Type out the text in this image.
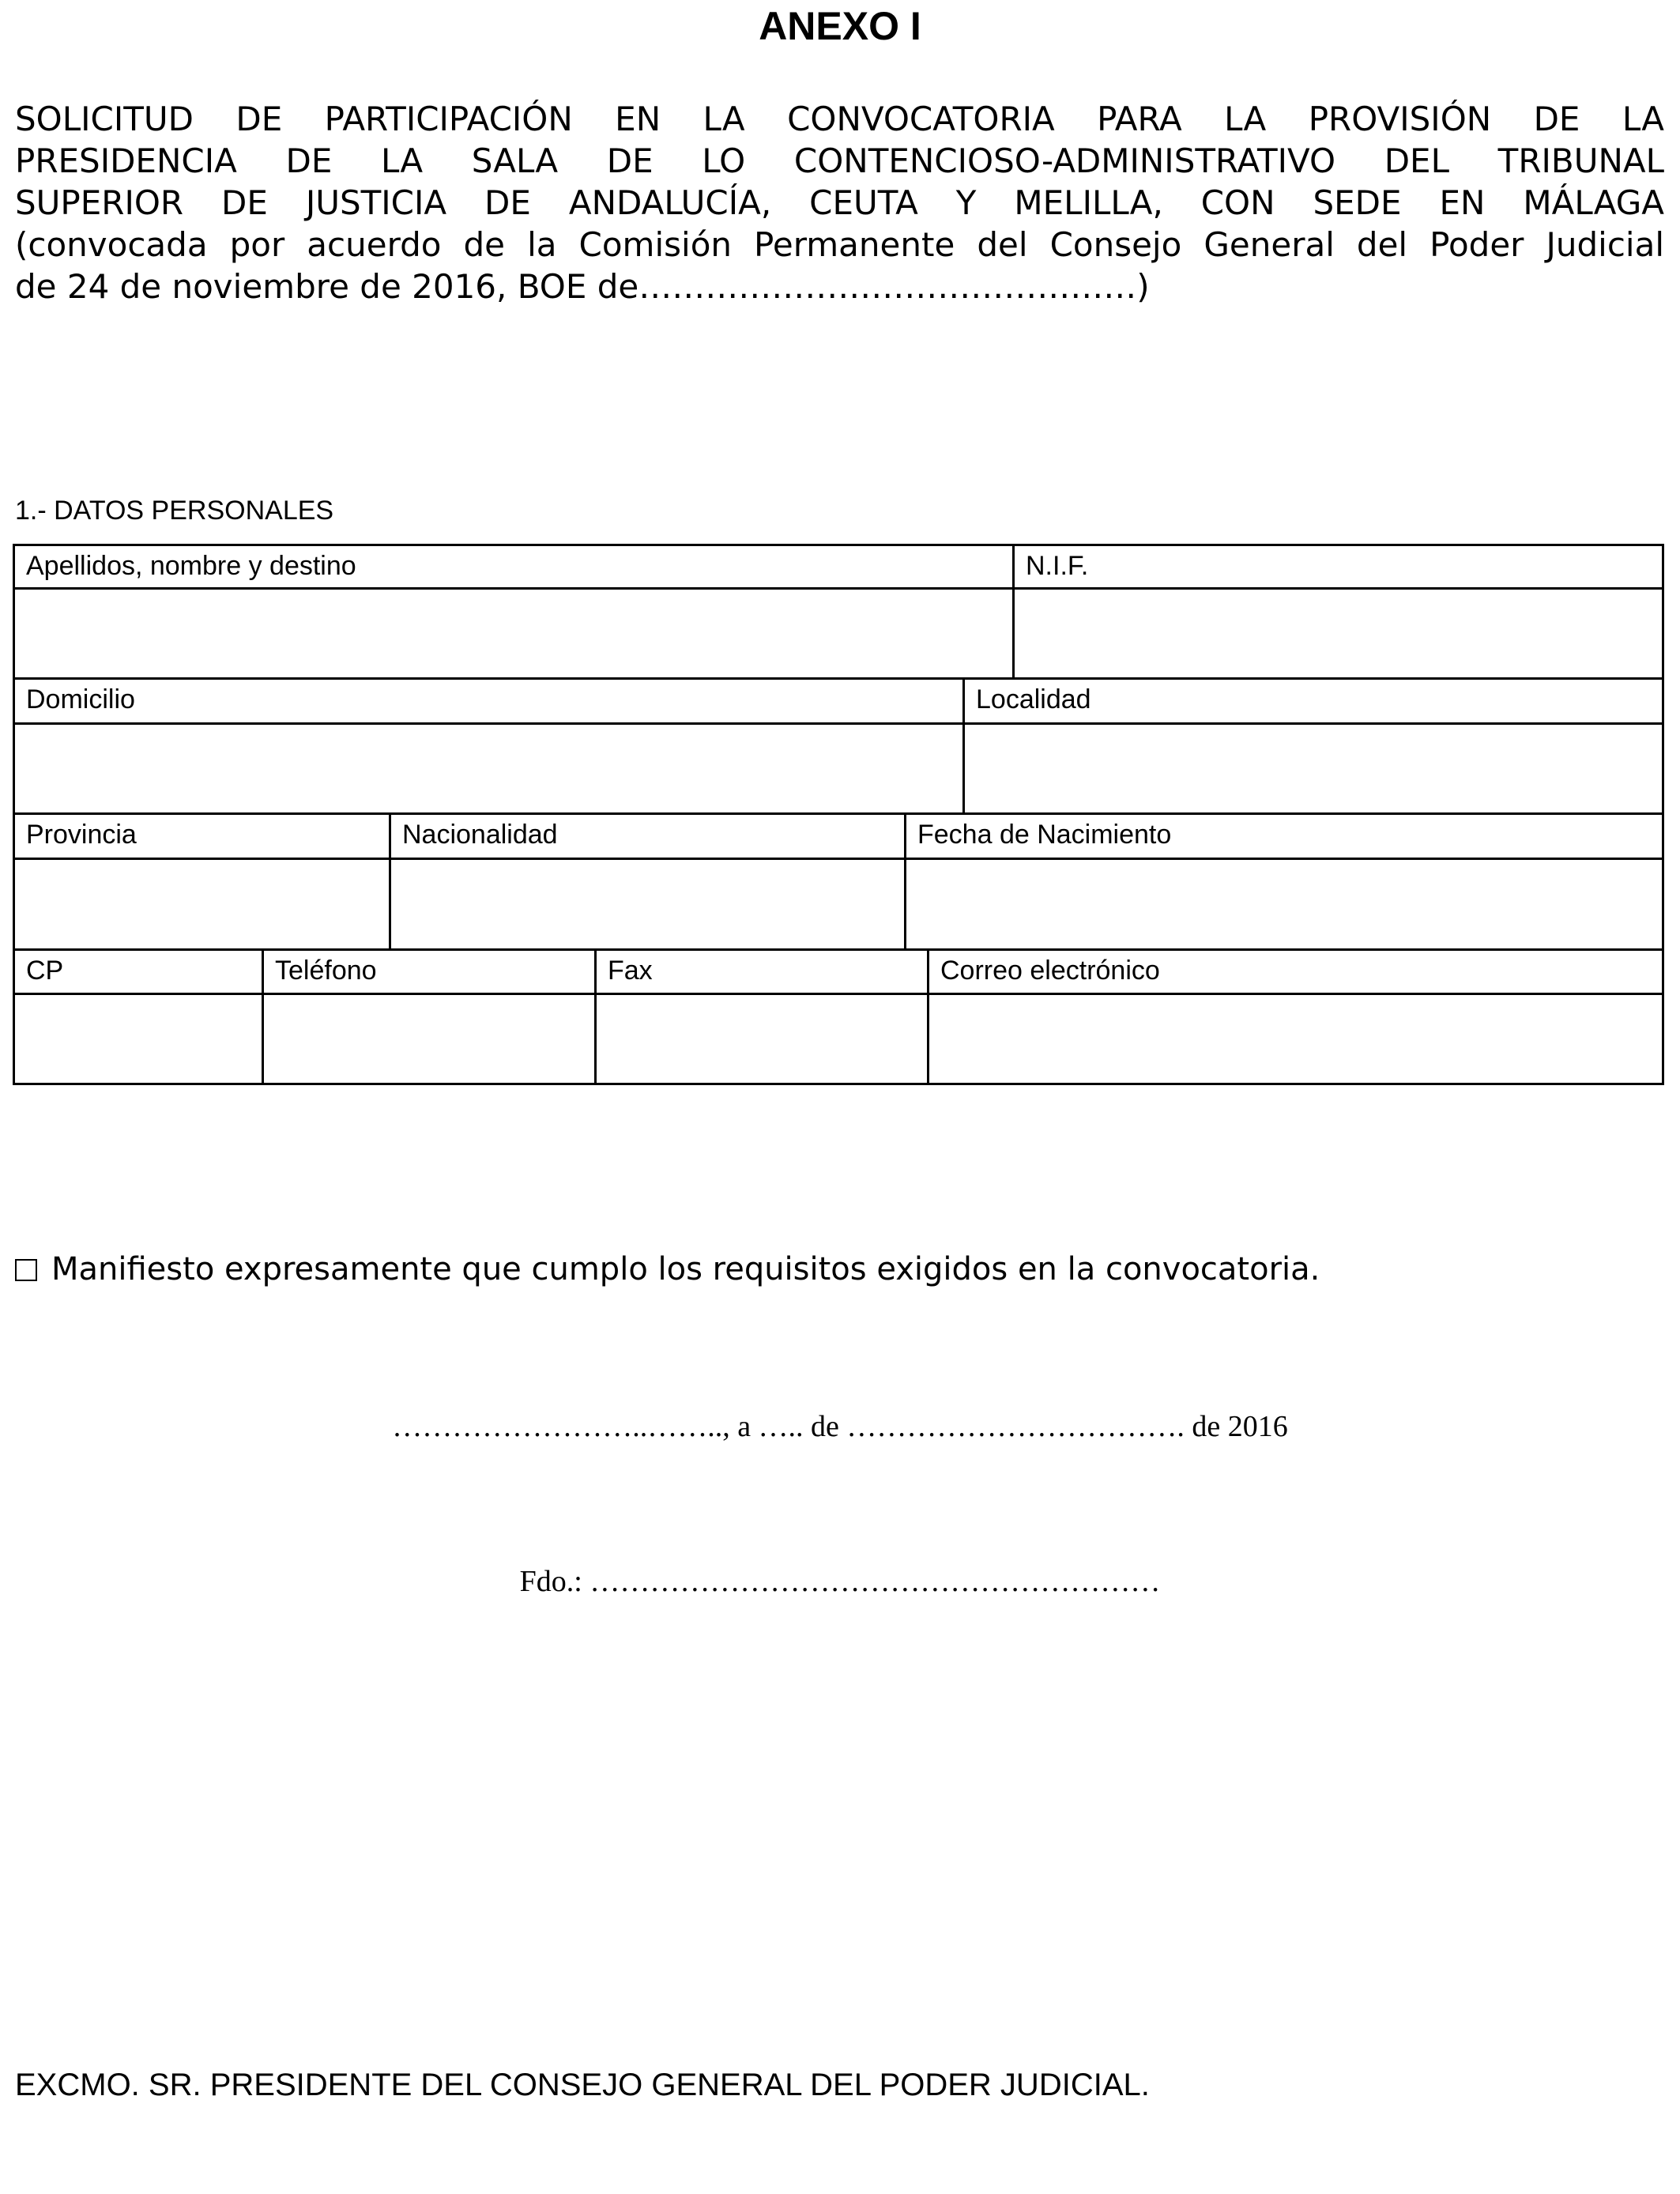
ANEXO I
SOLICITUD DE PARTICIPACIÓN EN LA CONVOCATORIA PARA LA PROVISIÓN DE LA
PRESIDENCIA DE LA SALA DE LO CONTENCIOSO-ADMINISTRATIVO DEL TRIBUNAL
SUPERIOR DE JUSTICIA DE ANDALUCÍA, CEUTA Y MELILLA, CON SEDE EN MÁLAGA
(convocada por acuerdo de la Comisión Permanente del Consejo General del Poder Judicial
de 24 de noviembre de 2016, BOE de………………………………………)
1.- DATOS PERSONALES
Apellidos, nombre y destino	N.I.F.
Domicilio	Localidad
Provincia	Nacionalidad	Fecha de Nacimiento
CP	Teléfono	Fax	Correo electrónico
Manifiesto expresamente que cumplo los requisitos exigidos en la convocatoria.
……………………..…….., a ….. de ……………………………. de 2016
Fdo.: …………………………………………………
EXCMO. SR. PRESIDENTE DEL CONSEJO GENERAL DEL PODER JUDICIAL.
